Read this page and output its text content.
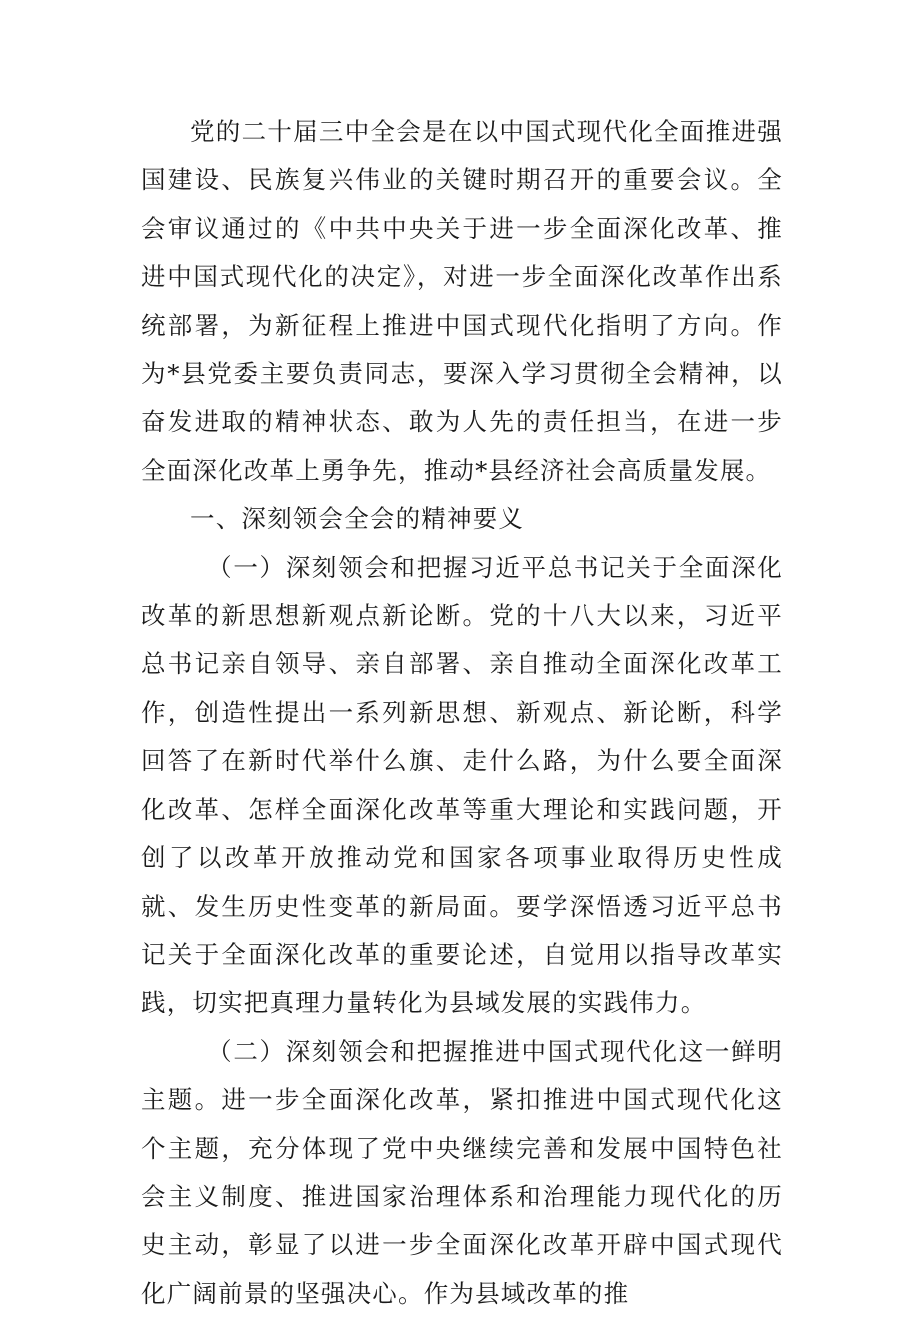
党的二十届三中全会是在以中国式现代化全面推进强国建设、民族复兴伟业的关键时期召开的重要会议。全会审议通过的《中共中央关于进一步全面深化改革、推进中国式现代化的决定》，对进一步全面深化改革作出系统部署，为新征程上推进中国式现代化指明了方向。作为*县党委主要负责同志，要深入学习贯彻全会精神，以奋发进取的精神状态、敢为人先的责任担当，在进一步全面深化改革上勇争先，推动*县经济社会高质量发展。

一、深刻领会全会的精神要义

（一）深刻领会和把握习近平总书记关于全面深化改革的新思想新观点新论断。党的十八大以来，习近平总书记亲自领导、亲自部署、亲自推动全面深化改革工作，创造性提出一系列新思想、新观点、新论断，科学回答了在新时代举什么旗、走什么路，为什么要全面深化改革、怎样全面深化改革等重大理论和实践问题，开创了以改革开放推动党和国家各项事业取得历史性成就、发生历史性变革的新局面。要学深悟透习近平总书记关于全面深化改革的重要论述，自觉用以指导改革实践，切实把真理力量转化为县域发展的实践伟力。

（二）深刻领会和把握推进中国式现代化这一鲜明主题。进一步全面深化改革，紧扣推进中国式现代化这个主题，充分体现了党中央继续完善和发展中国特色社会主义制度、推进国家治理体系和治理能力现代化的历史主动，彰显了以进一步全面深化改革开辟中国式现代化广阔前景的坚强决心。作为县域改革的推
